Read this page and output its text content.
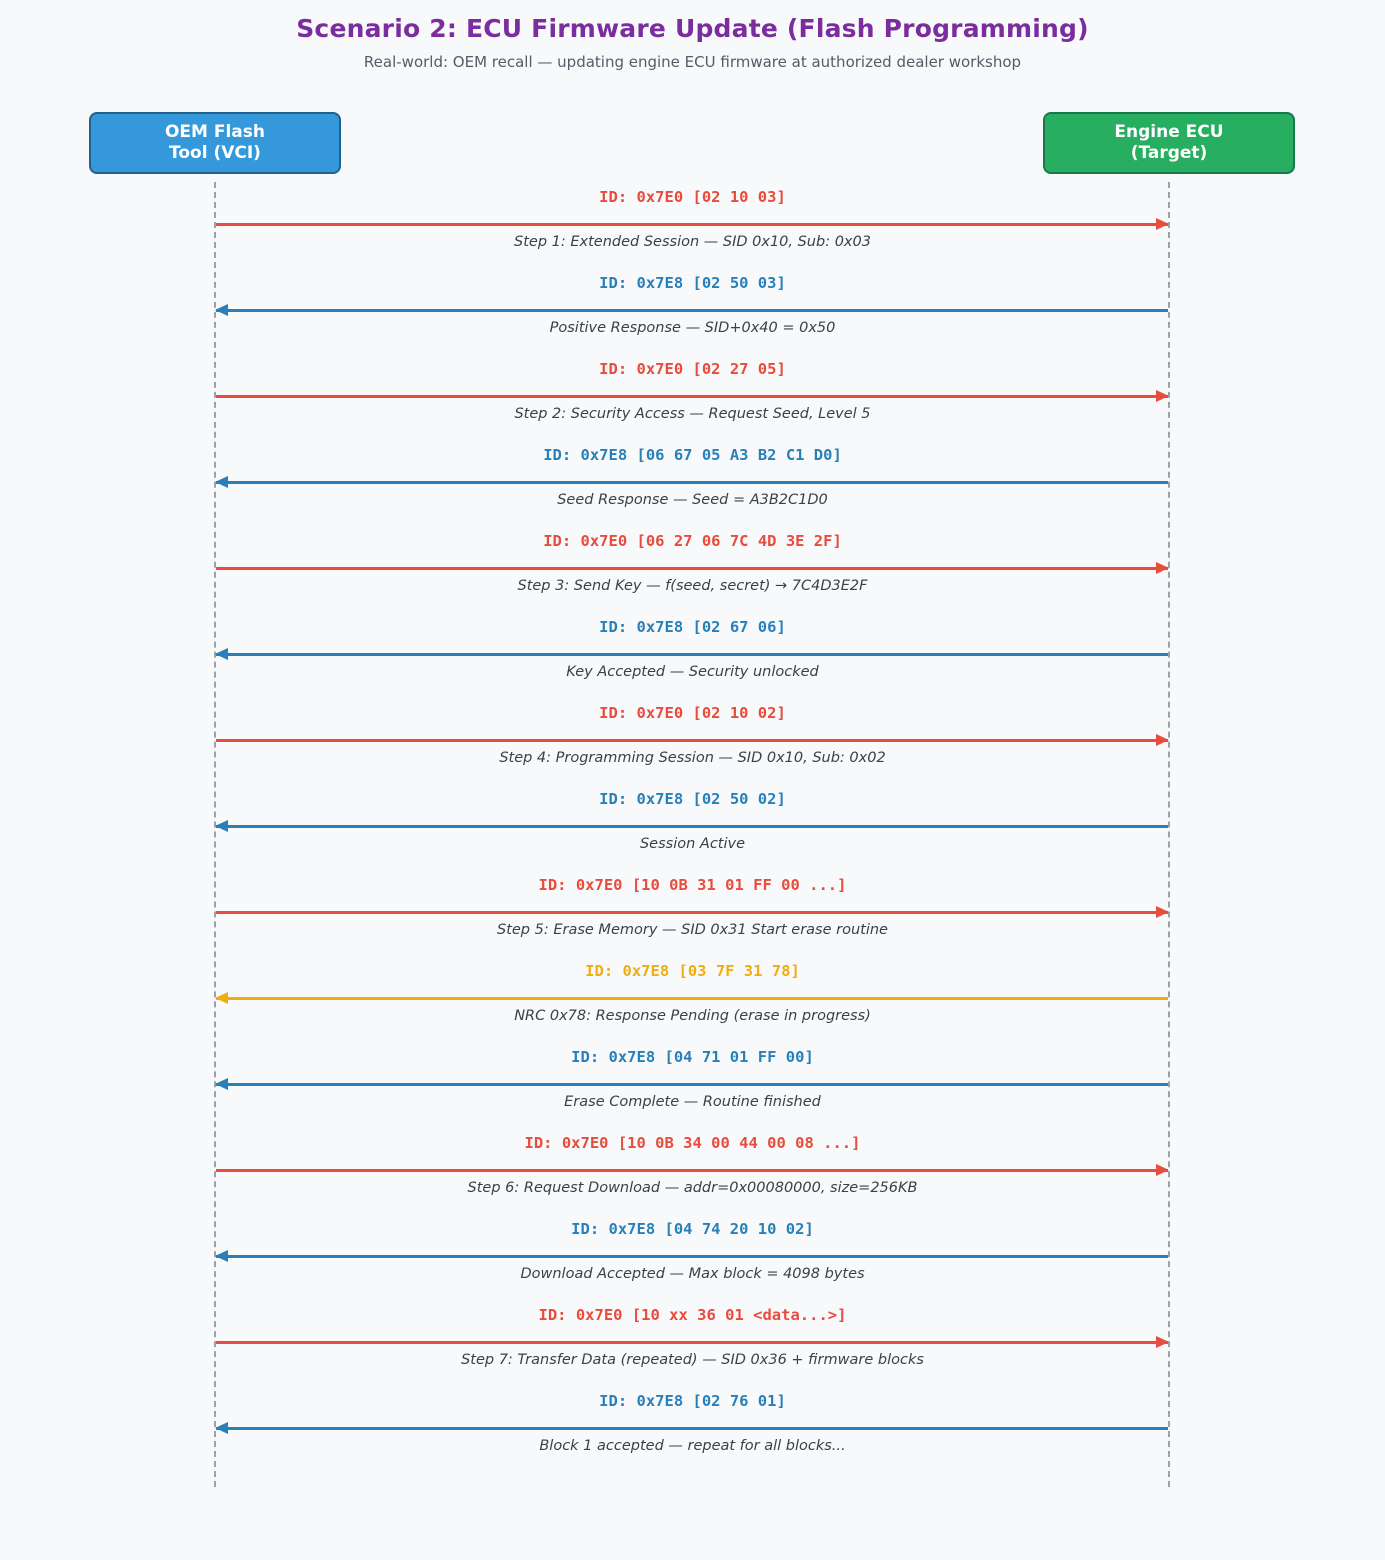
Scenario 2: ECU Firmware Update (Flash Programming)
Real-world: OEM recall — updating engine ECU firmware at authorized dealer workshop
OEM Flash
Tool (VCI)
Engine ECU
(Target)
ID: 0x7E0 [02 10 03]
Step 1: Extended Session — SID 0x10, Sub: 0x03
ID: 0x7E8 [02 50 03]
Positive Response — SID+0x40 = 0x50
ID: 0x7E0 [02 27 05]
Step 2: Security Access — Request Seed, Level 5
ID: 0x7E8 [06 67 05 A3 B2 C1 D0]
Seed Response — Seed = A3B2C1D0
ID: 0x7E0 [06 27 06 7C 4D 3E 2F]
Step 3: Send Key — f(seed, secret) → 7C4D3E2F
ID: 0x7E8 [02 67 06]
Key Accepted — Security unlocked
ID: 0x7E0 [02 10 02]
Step 4: Programming Session — SID 0x10, Sub: 0x02
ID: 0x7E8 [02 50 02]
Session Active
ID: 0x7E0 [10 0B 31 01 FF 00 ...]
Step 5: Erase Memory — SID 0x31 Start erase routine
ID: 0x7E8 [03 7F 31 78]
NRC 0x78: Response Pending (erase in progress)
ID: 0x7E8 [04 71 01 FF 00]
Erase Complete — Routine finished
ID: 0x7E0 [10 0B 34 00 44 00 08 ...]
Step 6: Request Download — addr=0x00080000, size=256KB
ID: 0x7E8 [04 74 20 10 02]
Download Accepted — Max block = 4098 bytes
ID: 0x7E0 [10 xx 36 01 <data...>]
Step 7: Transfer Data (repeated) — SID 0x36 + firmware blocks
ID: 0x7E8 [02 76 01]
Block 1 accepted — repeat for all blocks...
